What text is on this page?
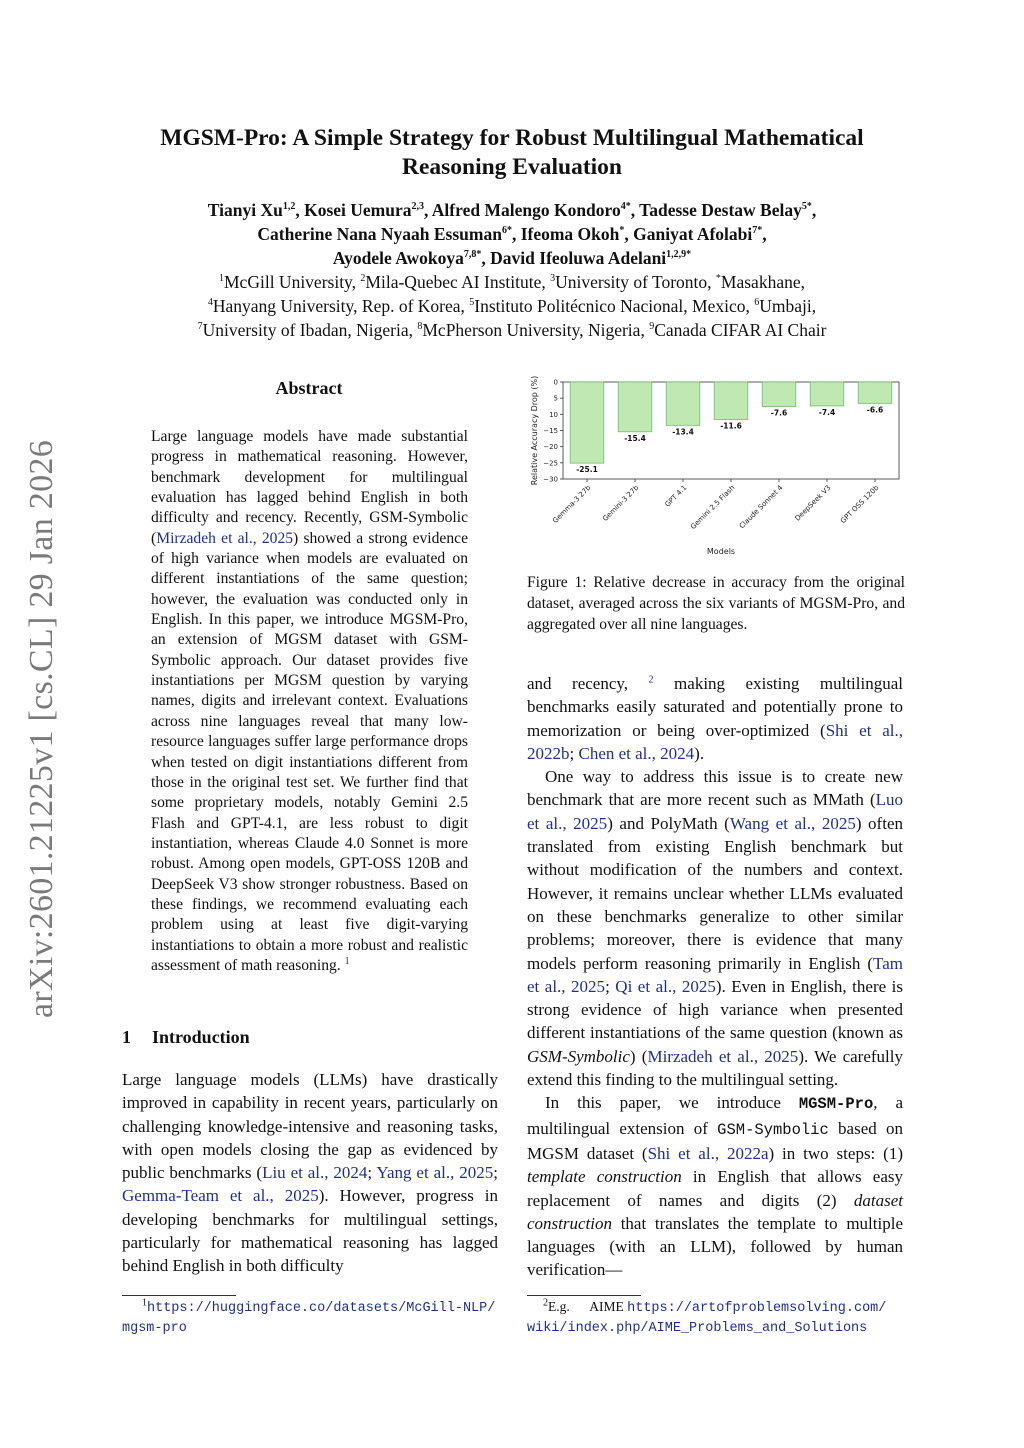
arXiv:2601.21225v1 [cs.CL] 29 Jan 2026
MGSM-Pro: A Simple Strategy for Robust Multilingual Mathematical Reasoning Evaluation
Tianyi Xu$^{1,2}$, Kosei Uemura$^{2,3}$, Alfred Malengo Kondoro$^{4*}$, Tadesse Destaw Belay$^{5*}$,
Catherine Nana Nyaah Essuman$^{6*}$, Ifeoma Okoh*, Ganiyat Afolabi$^{7*}$,
Ayodele Awokoya$^{7,8*}$, David Ifeoluwa Adelani$^{1,2,9*}$
$^1$McGill University, $^2$Mila-Quebec AI Institute, $^3$University of Toronto, *Masakhane,
$^4$Hanyang University, Rep. of Korea, $^5$Instituto Politécnico Nacional, Mexico, $^6$Umbaji,
$^7$University of Ibadan, Nigeria, $^8$McPherson University, Nigeria, $^9$Canada CIFAR AI Chair
Abstract
Large language models have made substantial progress in mathematical reasoning. However, benchmark development for multilingual evaluation has lagged behind English in both difficulty and recency. Recently, GSM-Symbolic (Mirzadeh et al., 2025) showed a strong evidence of high variance when models are evaluated on different instantiations of the same question; however, the evaluation was conducted only in English. In this paper, we introduce MGSM-Pro, an extension of MGSM dataset with GSM-Symbolic approach. Our dataset provides five instantiations per MGSM question by varying names, digits and irrelevant context. Evaluations across nine languages reveal that many low-resource languages suffer large performance drops when tested on digit instantiations different from those in the original test set. We further find that some proprietary models, notably Gemini 2.5 Flash and GPT-4.1, are less robust to digit instantiation, whereas Claude 4.0 Sonnet is more robust. Among open models, GPT-OSS 120B and DeepSeek V3 show stronger robustness. Based on these findings, we recommend evaluating each problem using at least five digit-varying instantiations to obtain a more robust and realistic assessment of math reasoning. $^1$
1 Introduction
Large language models (LLMs) have drastically improved in capability in recent years, particularly on challenging knowledge-intensive and reasoning tasks, with open models closing the gap as evidenced by public benchmarks (Liu et al., 2024; Yang et al., 2025; Gemma-Team et al., 2025). However, progress in developing benchmarks for multilingual settings, particularly for mathematical reasoning has lagged behind English in both difficulty
$^1$https://huggingface.co/datasets/McGill-NLP/
mgsm-pro
0
5
10
−15
−20
−25
−30
Relative Accuracy Drop (%)
Models
-25.1
Gemma-3 27b
-15.4
Gemini-3 27b
-13.4
GPT 4.1
-11.6
Gemini 2.5 Flash
-7.6
Claude Sonnet 4
-7.4
DeepSeek V3
-6.6
GPT OSS 120b
Figure 1: Relative decrease in accuracy from the original dataset, averaged across the six variants of MGSM-Pro, and aggregated over all nine languages.

and recency, $^2$ making existing multilingual benchmarks easily saturated and potentially prone to memorization or being over-optimized (Shi et al., 2022b; Chen et al., 2024).

One way to address this issue is to create new benchmark that are more recent such as MMath (Luo et al., 2025) and PolyMath (Wang et al., 2025) often translated from existing English benchmark but without modification of the numbers and context. However, it remains unclear whether LLMs evaluated on these benchmarks generalize to other similar problems; moreover, there is evidence that many models perform reasoning primarily in English (Tam et al., 2025; Qi et al., 2025). Even in English, there is strong evidence of high variance when presented different instantiations of the same question (known as GSM-Symbolic) (Mirzadeh et al., 2025). We carefully extend this finding to the multilingual setting.

In this paper, we introduce MGSM-Pro, a multilingual extension of GSM-Symbolic based on MGSM dataset (Shi et al., 2022a) in two steps: (1) template construction in English that allows easy replacement of names and digits (2) dataset construction that translates the template to multiple languages (with an LLM), followed by human verification—

$^2$E.g.      AIME https://artofproblemsolving.com/
wiki/index.php/AIME_Problems_and_Solutions
